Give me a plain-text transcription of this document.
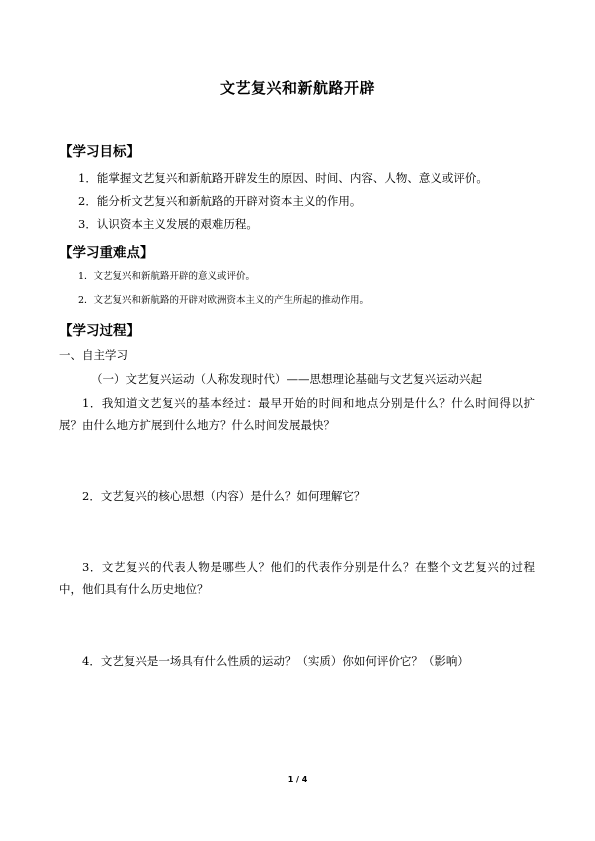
文艺复兴和新航路开辟
【学习目标】
1．能掌握文艺复兴和新航路开辟发生的原因、时间、内容、人物、意义或评价。
2．能分析文艺复兴和新航路的开辟对资本主义的作用。
3．认识资本主义发展的艰难历程。
【学习重难点】
1．文艺复兴和新航路开辟的意义或评价。
2．文艺复兴和新航路的开辟对欧洲资本主义的产生所起的推动作用。
【学习过程】
一、自主学习
（一）文艺复兴运动（人称发现时代）——思想理论基础与文艺复兴运动兴起
1．我知道文艺复兴的基本经过：最早开始的时间和地点分别是什么？什么时间得以扩展？由什么地方扩展到什么地方？什么时间发展最快？
2．文艺复兴的核心思想（内容）是什么？如何理解它？
3．文艺复兴的代表人物是哪些人？他们的代表作分别是什么？在整个文艺复兴的过程中，他们具有什么历史地位？
4．文艺复兴是一场具有什么性质的运动？（实质）你如何评价它？（影响）
1 / 4
